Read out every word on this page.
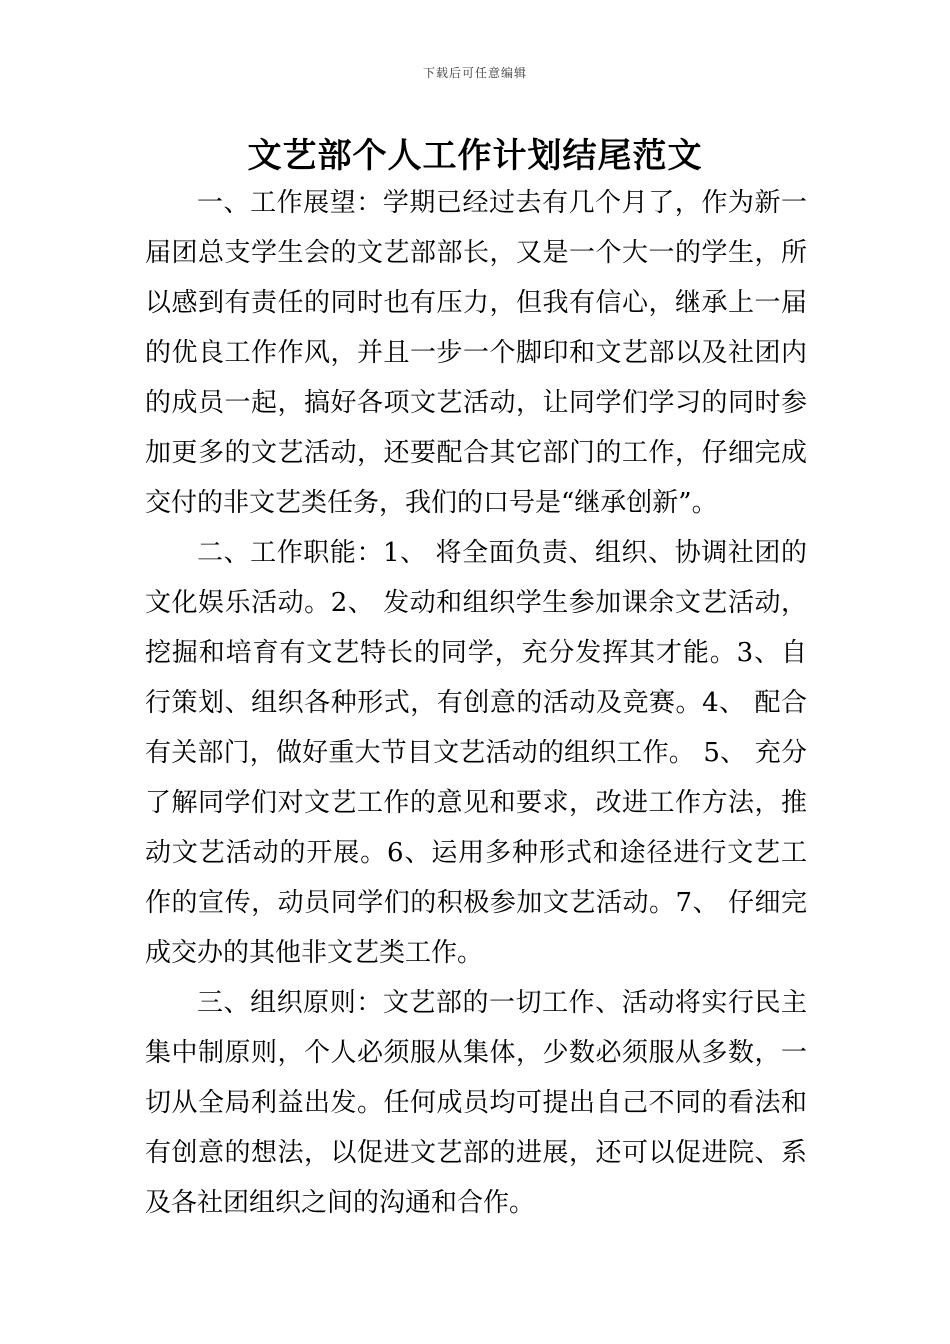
下载后可任意编辑
文艺部个人工作计划结尾范文

一、工作展望：学期已经过去有几个月了，作为新一届团总支学生会的文艺部部长，又是一个大一的学生，所以感到有责任的同时也有压力，但我有信心，继承上一届的优良工作作风，并且一步一个脚印和文艺部以及社团内的成员一起，搞好各项文艺活动，让同学们学习的同时参加更多的文艺活动，还要配合其它部门的工作，仔细完成交付的非文艺类任务，我们的口号是“继承创新”。

二、工作职能：1、 将全面负责、组织、协调社团的文化娱乐活动。2、 发动和组织学生参加课余文艺活动，挖掘和培育有文艺特长的同学，充分发挥其才能。3、自行策划、组织各种形式，有创意的活动及竞赛。4、 配合有关部门，做好重大节目文艺活动的组织工作。 5、 充分了解同学们对文艺工作的意见和要求，改进工作方法，推动文艺活动的开展。6、运用多种形式和途径进行文艺工作的宣传，动员同学们的积极参加文艺活动。7、 仔细完成交办的其他非文艺类工作。

三、组织原则：文艺部的一切工作、活动将实行民主集中制原则，个人必须服从集体，少数必须服从多数，一切从全局利益出发。任何成员均可提出自己不同的看法和有创意的想法，以促进文艺部的进展，还可以促进院、系及各社团组织之间的沟通和合作。
